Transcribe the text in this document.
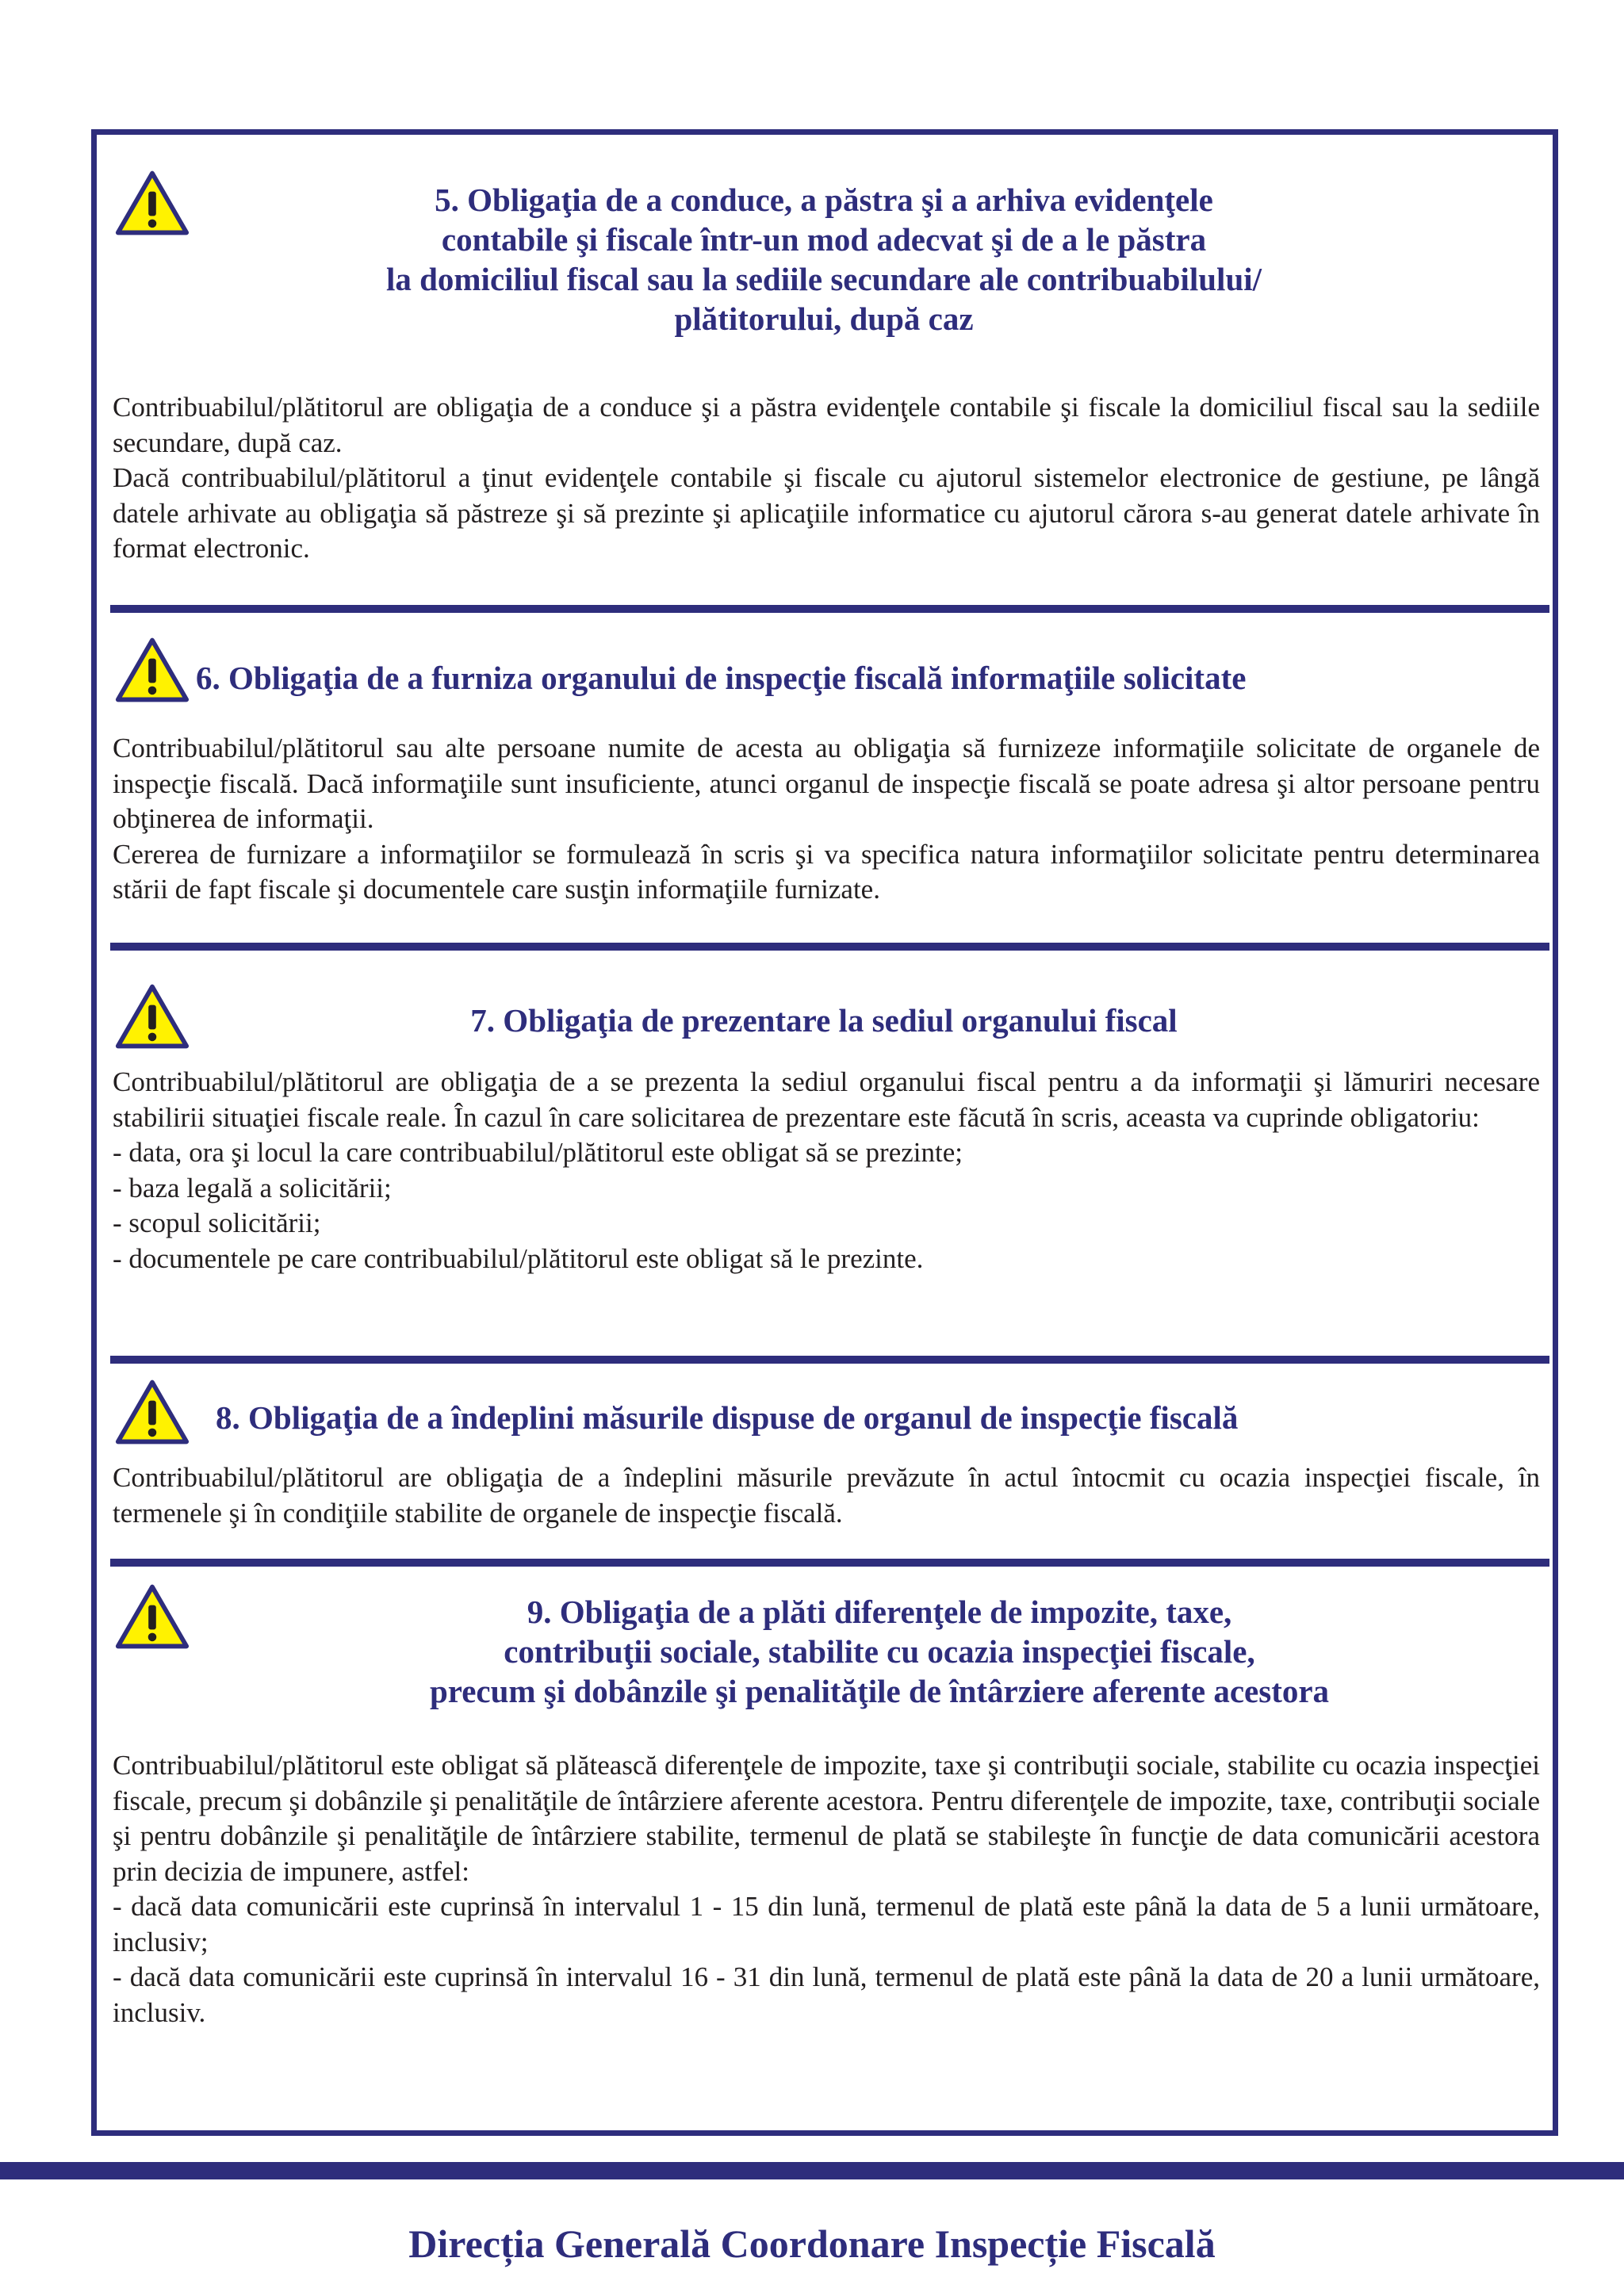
5. Obligaţia de a conduce, a păstra şi a arhiva evidenţele
contabile şi fiscale într-un mod adecvat şi de a le păstra
la domiciliul fiscal sau la sediile secundare ale contribuabilului/
plătitorului, după caz
Contribuabilul/plătitorul are obligaţia de a conduce şi a păstra evidenţele contabile şi fiscale la domiciliul fiscal sau la sediile secundare, după caz.
Dacă contribuabilul/plătitorul a ţinut evidenţele contabile şi fiscale cu ajutorul sistemelor electronice de gestiune, pe lângă datele arhivate au obligaţia să păstreze şi să prezinte şi aplicaţiile informatice cu ajutorul cărora s-au generat datele arhivate în format electronic.
6. Obligaţia de a furniza organului de inspecţie fiscală informaţiile solicitate
Contribuabilul/plătitorul sau alte persoane numite de acesta au obligaţia să furnizeze informaţiile solicitate de organele de inspecţie fiscală. Dacă informaţiile sunt insuficiente, atunci organul de inspecţie fiscală se poate adresa şi altor persoane pentru obţinerea de informaţii.
Cererea de furnizare a informaţiilor se formulează în scris şi va specifica natura informaţiilor solicitate pentru determinarea stării de fapt fiscale şi documentele care susţin informaţiile furnizate.
7. Obligaţia de prezentare la sediul organului fiscal
Contribuabilul/plătitorul are obligaţia de a se prezenta la sediul organului fiscal pentru a da informaţii şi lămuriri necesare stabilirii situaţiei fiscale reale. În cazul în care solicitarea de prezentare este făcută în scris, aceasta va cuprinde obligatoriu:
- data, ora şi locul la care contribuabilul/plătitorul este obligat să se prezinte;
- baza legală a solicitării;
- scopul solicitării;
- documentele pe care contribuabilul/plătitorul este obligat să le prezinte.
8. Obligaţia de a îndeplini măsurile dispuse de organul de inspecţie fiscală
Contribuabilul/plătitorul are obligaţia de a îndeplini măsurile prevăzute în actul întocmit cu ocazia inspecţiei fiscale, în termenele şi în condiţiile stabilite de organele de inspecţie fiscală.
9. Obligaţia de a plăti diferenţele de impozite, taxe,
contribuţii sociale, stabilite cu ocazia inspecţiei fiscale,
precum şi dobânzile şi penalităţile de întârziere aferente acestora
Contribuabilul/plătitorul este obligat să plătească diferenţele de impozite, taxe şi contribuţii sociale, stabilite cu ocazia inspecţiei fiscale, precum şi dobânzile şi penalităţile de întârziere aferente acestora. Pentru diferenţele de impozite, taxe, contribuţii sociale şi pentru dobânzile şi penalităţile de întârziere stabilite, termenul de plată se stabileşte în funcţie de data comunicării acestora prin decizia de impunere, astfel:
- dacă data comunicării este cuprinsă în intervalul 1 - 15 din lună, termenul de plată este până la data de 5 a lunii următoare, inclusiv;
- dacă data comunicării este cuprinsă în intervalul 16 - 31 din lună, termenul de plată este până la data de 20 a lunii următoare, inclusiv.
Direcția Generală Coordonare Inspecție Fiscală
